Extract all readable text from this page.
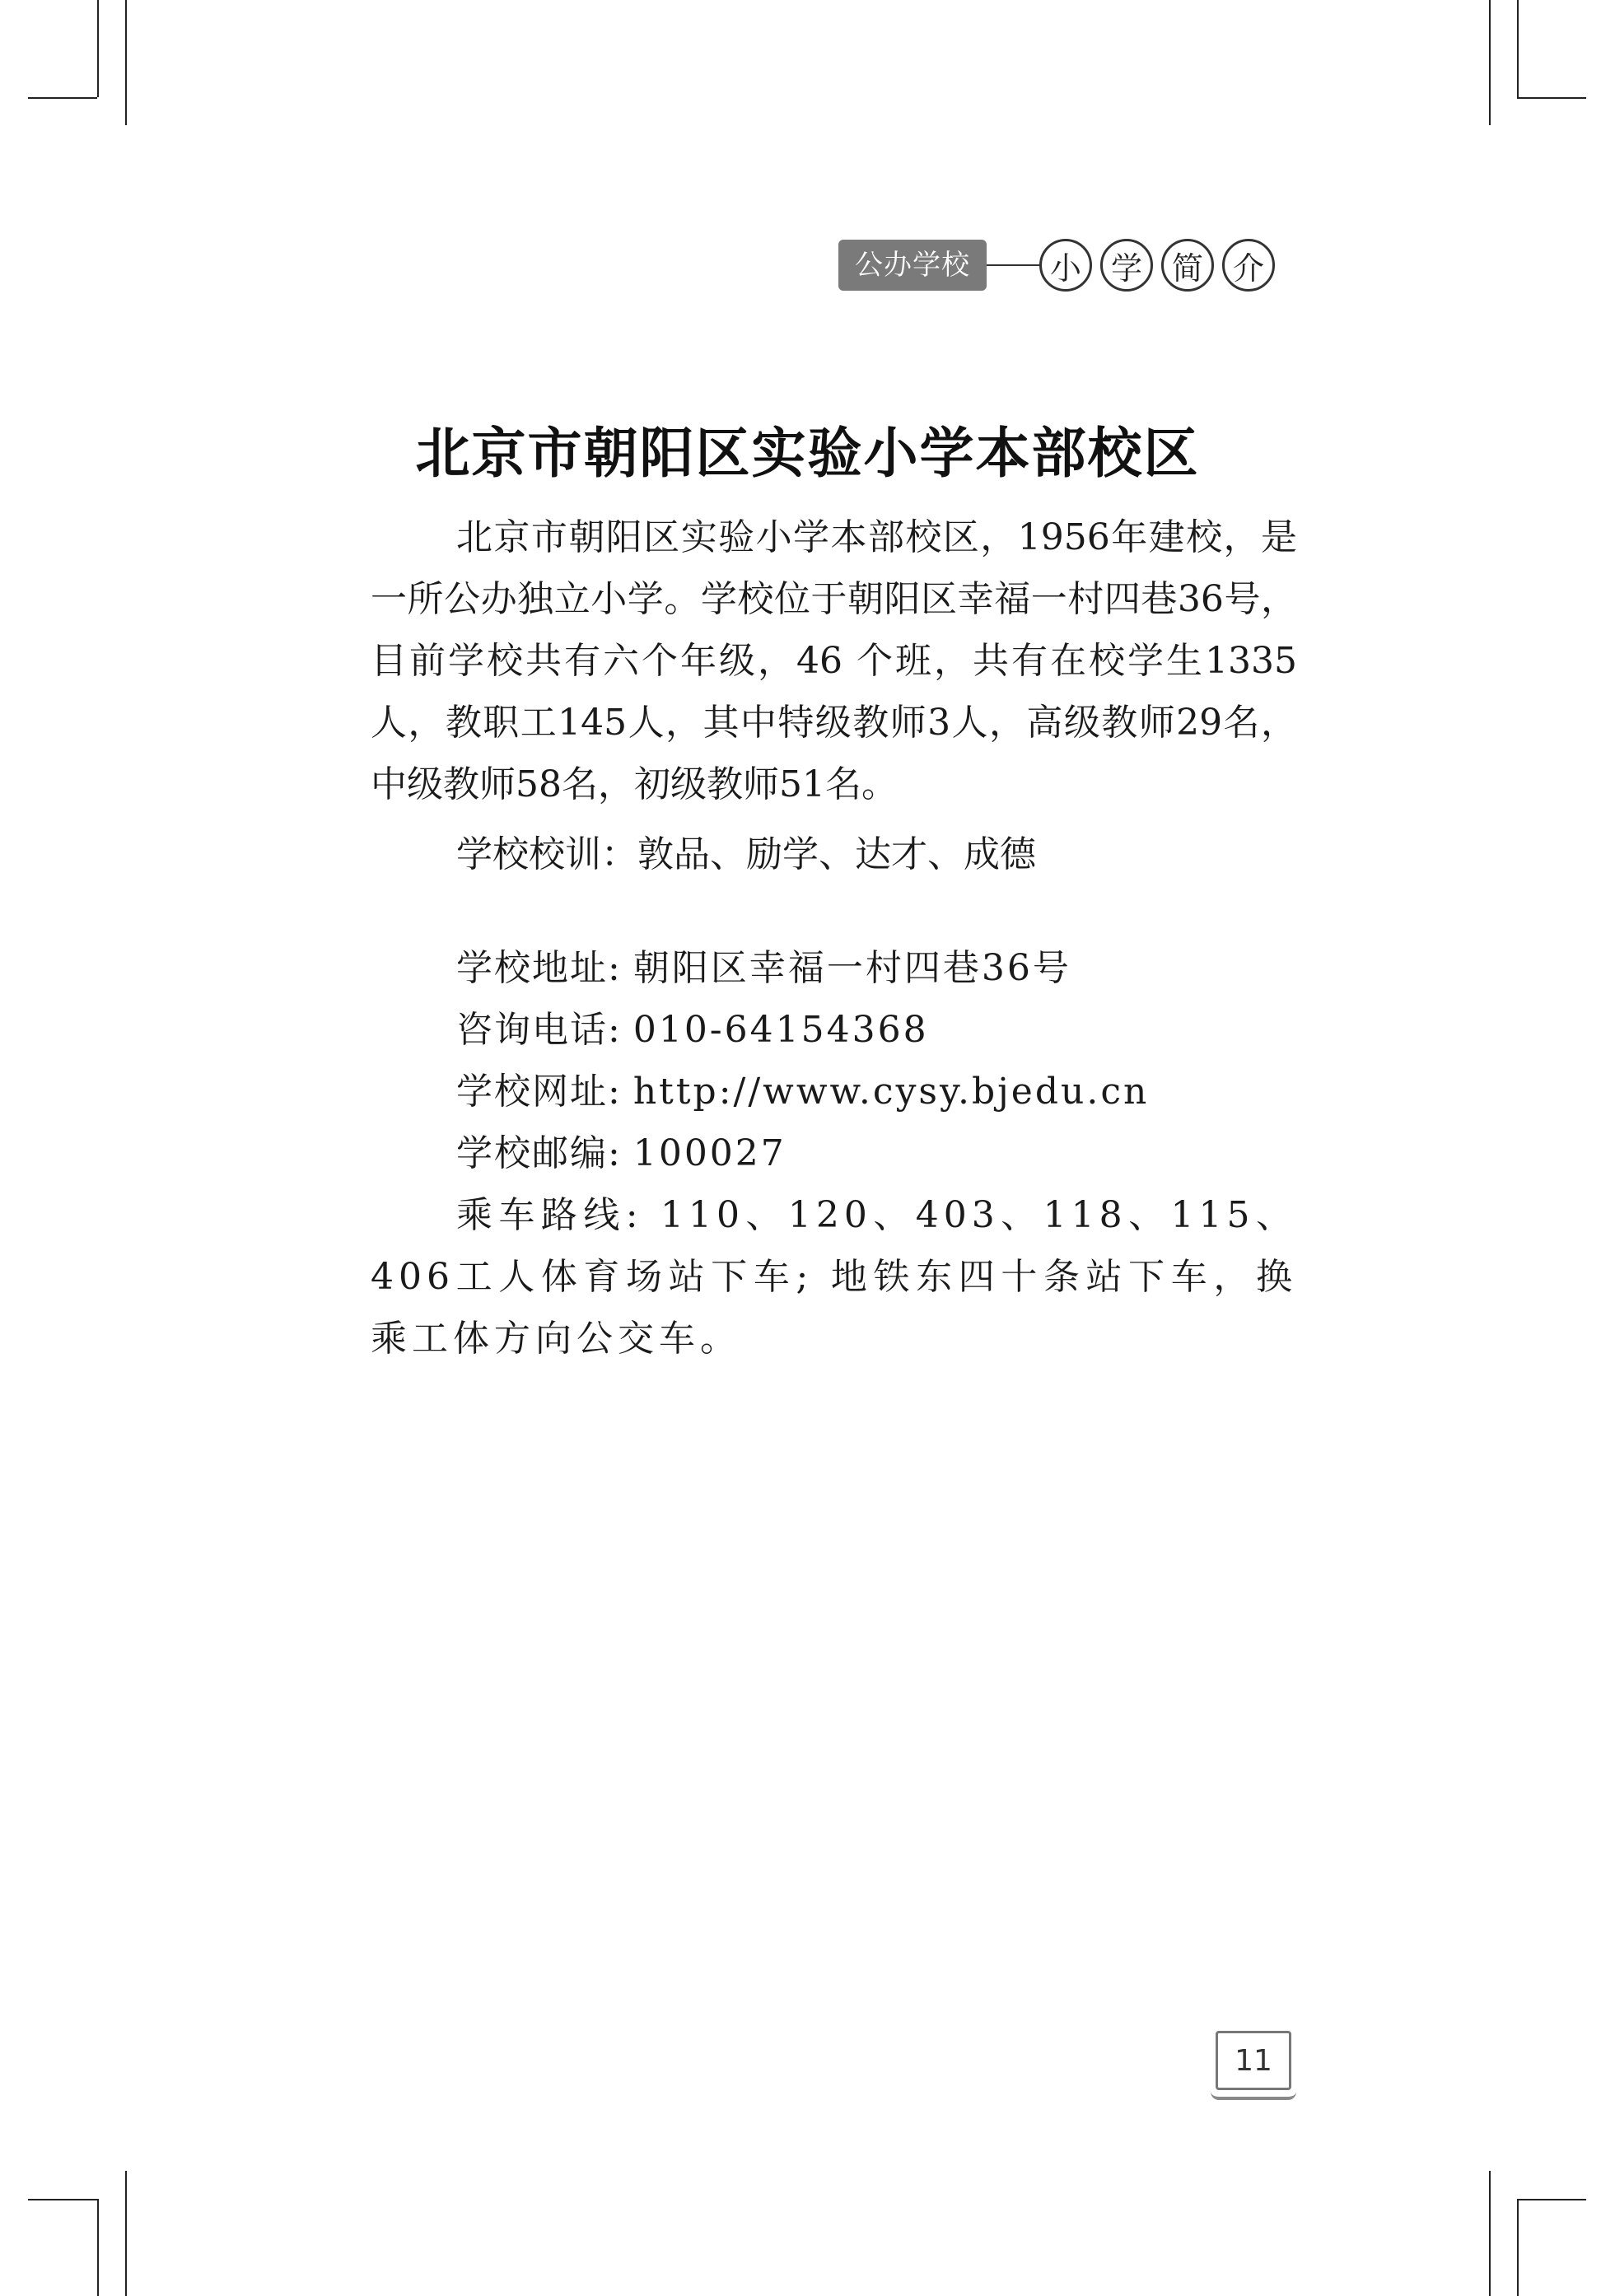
公办学校	小 学 简 介
北京市朝阳区实验小学本部校区

北京市朝阳区实验小学本部校区，1956年建校，是一所公办独立小学。学校位于朝阳区幸福一村四巷36号，目前学校共有六个年级，46 个班，共有在校学生1335人，教职工145人，其中特级教师3人，高级教师29名，中级教师58名，初级教师51名。

学校校训：敦品、励学、达才、成德
学校地址: 朝阳区幸福一村四巷36号
咨询电话: 010-64154368
学校网址: http://www.cysy.bjedu.cn
学校邮编: 100027

乘车路线: 110、120、403、118、115、406工人体育场站下车; 地铁东四十条站下车，换乘工体方向公交车。

11
